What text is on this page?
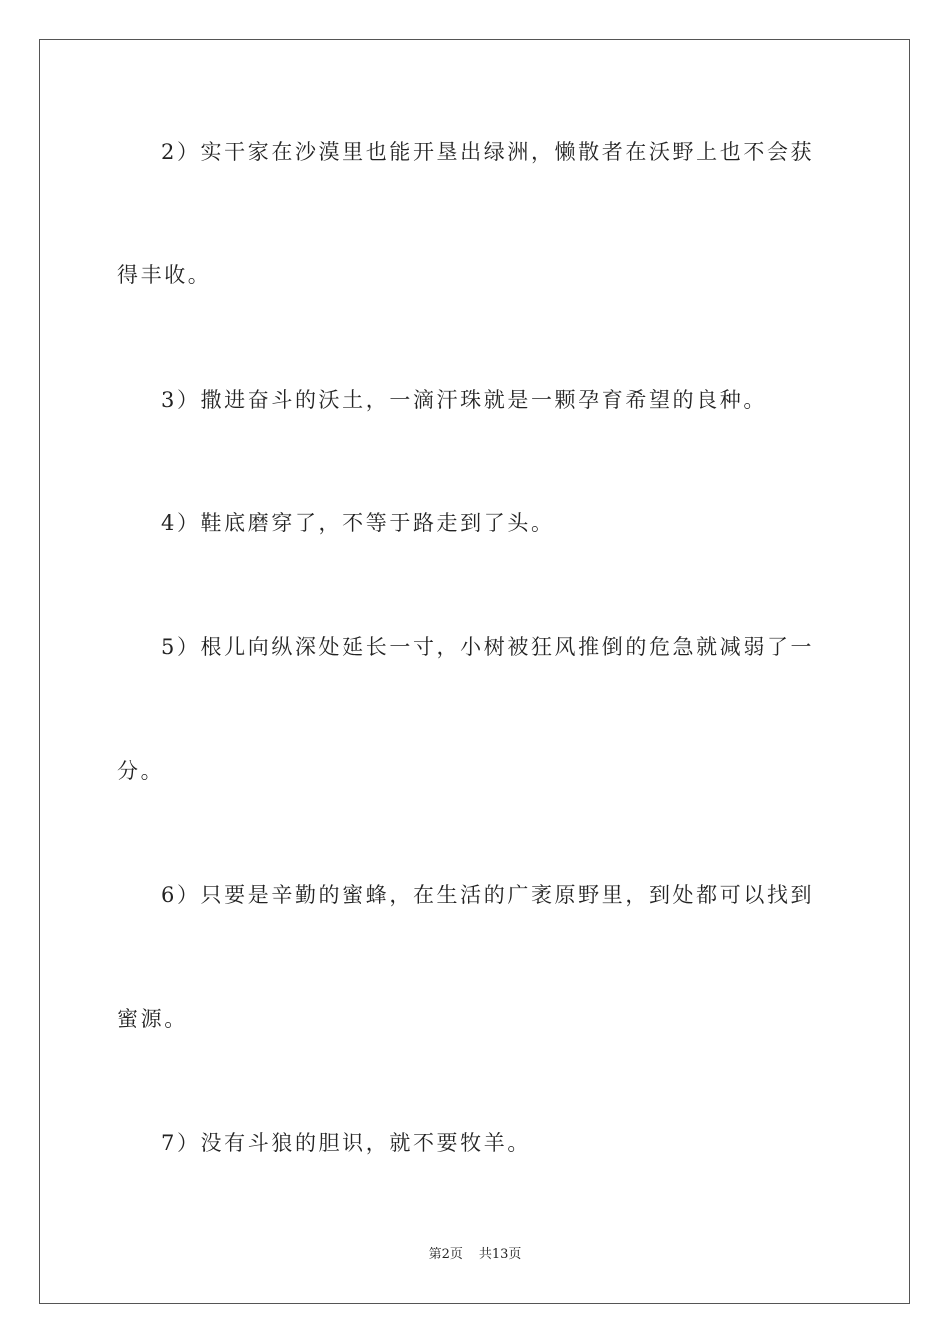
2）实干家在沙漠里也能开垦出绿洲，懒散者在沃野上也不会获
得丰收。
3）撒进奋斗的沃土，一滴汗珠就是一颗孕育希望的良种。
4）鞋底磨穿了，不等于路走到了头。
5）根儿向纵深处延长一寸，小树被狂风推倒的危急就减弱了一
分。
6）只要是辛勤的蜜蜂，在生活的广袤原野里，到处都可以找到
蜜源。
7）没有斗狼的胆识，就不要牧羊。
第2页 共13页
